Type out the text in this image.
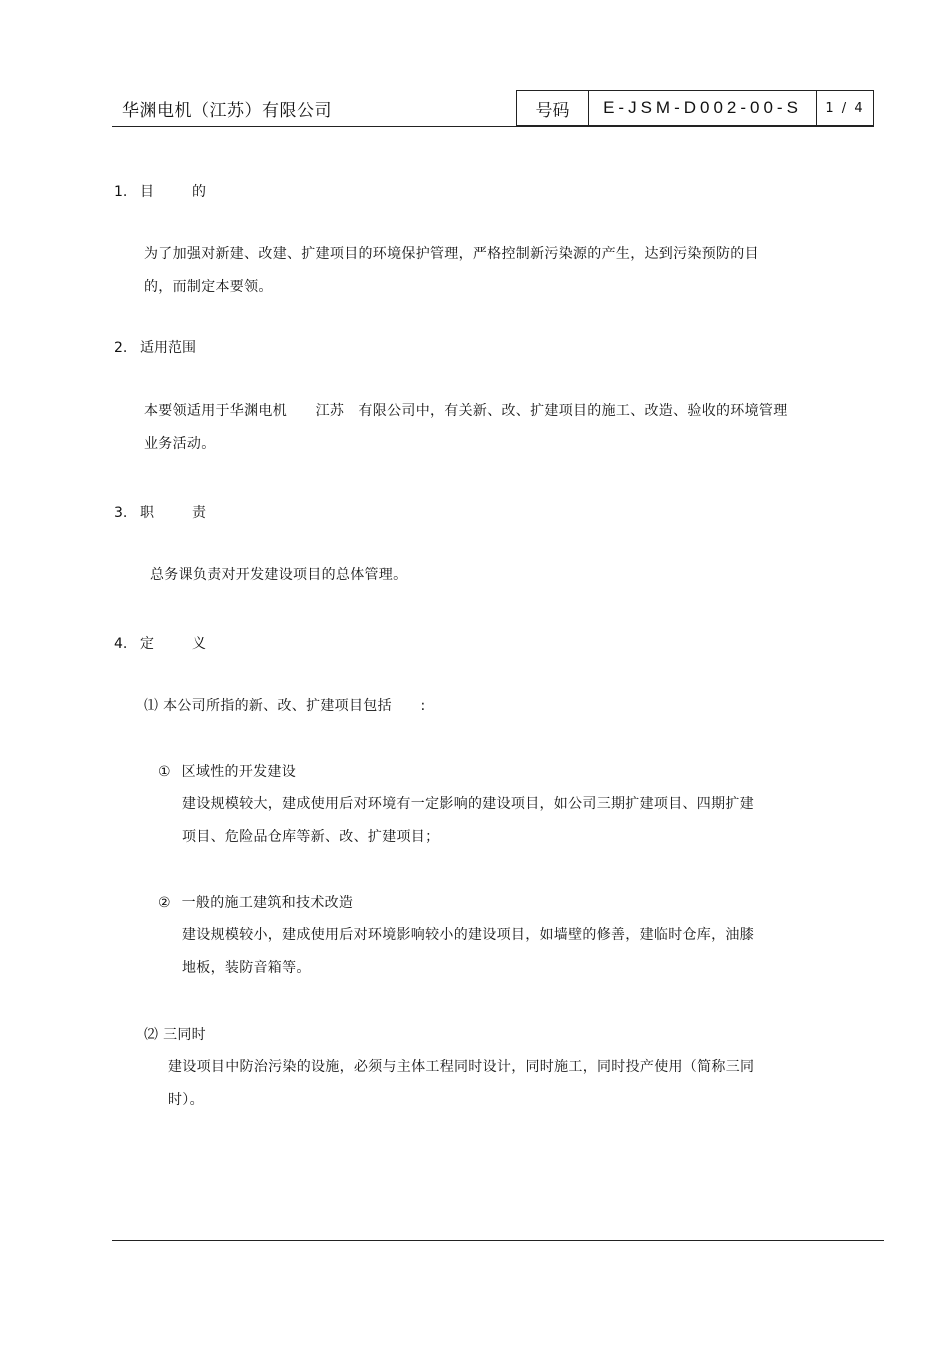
华渊电机（江苏）有限公司	号码	E-JSM-D002-00-S	1 / 4
1. 目的
为了加强对新建、改建、扩建项目的环境保护管理，严格控制新污染源的产生，达到污染预防的目
的，而制定本要领。
2. 适用范围
本要领适用于华渊电机　　江苏　有限公司中，有关新、改、扩建项目的施工、改造、验收的环境管理
业务活动。
3. 职责
总务课负责对开发建设项目的总体管理。
4. 定义
⑴ 本公司所指的新、改、扩建项目包括　　:
① 区域性的开发建设
建设规模较大，建成使用后对环境有一定影响的建设项目，如公司三期扩建项目、四期扩建
项目、危险品仓库等新、改、扩建项目；
② 一般的施工建筑和技术改造
建设规模较小，建成使用后对环境影响较小的建设项目，如墙壁的修善，建临时仓库，油膝
地板，装防音箱等。
⑵ 三同时
建设项目中防治污染的设施，必须与主体工程同时设计，同时施工，同时投产使用（简称三同
时）。
